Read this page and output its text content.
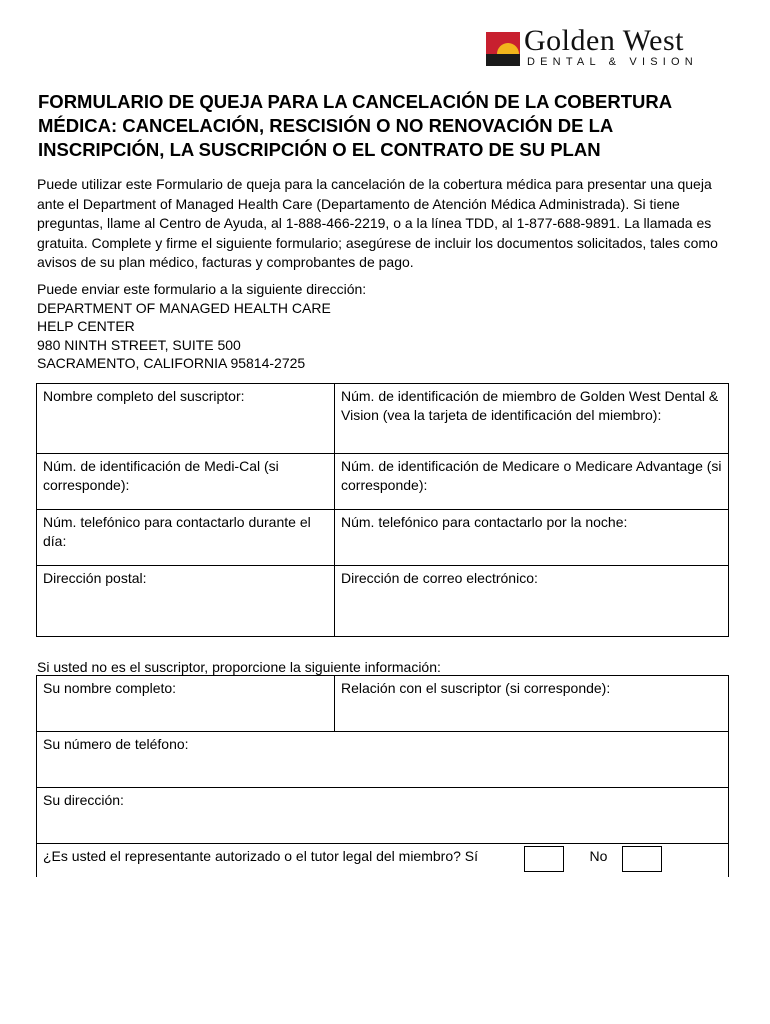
Golden West
DENTAL & VISION
FORMULARIO DE QUEJA PARA LA CANCELACIÓN DE LA COBERTURA MÉDICA: CANCELACIÓN, RESCISIÓN O NO RENOVACIÓN DE LA INSCRIPCIÓN, LA SUSCRIPCIÓN O EL CONTRATO DE SU PLAN

Puede utilizar este Formulario de queja para la cancelación de la cobertura médica para presentar una queja ante el Department of Managed Health Care (Departamento de Atención Médica Administrada). Si tiene preguntas, llame al Centro de Ayuda, al 1-888-466-2219, o a la línea TDD, al 1-877-688-9891. La llamada es gratuita. Complete y firme el siguiente formulario; asegúrese de incluir los documentos solicitados, tales como avisos de su plan médico, facturas y comprobantes de pago.

Puede enviar este formulario a la siguiente dirección:
DEPARTMENT OF MANAGED HEALTH CARE
HELP CENTER
980 NINTH STREET, SUITE 500
SACRAMENTO, CALIFORNIA 95814-2725
Nombre completo del suscriptor:	Núm. de identificación de miembro de Golden West Dental & Vision (vea la tarjeta de identificación del miembro):
Núm. de identificación de Medi-Cal (si corresponde):	Núm. de identificación de Medicare o Medicare Advantage (si corresponde):
Núm. telefónico para contactarlo durante el día:	Núm. telefónico para contactarlo por la noche:
Dirección postal:	Dirección de correo electrónico:
Si usted no es el suscriptor, proporcione la siguiente información:
Su nombre completo:	Relación con el suscriptor (si corresponde):
Su número de teléfono:
Su dirección:
¿Es usted el representante autorizado o el tutor legal del miembro? Sí	No
